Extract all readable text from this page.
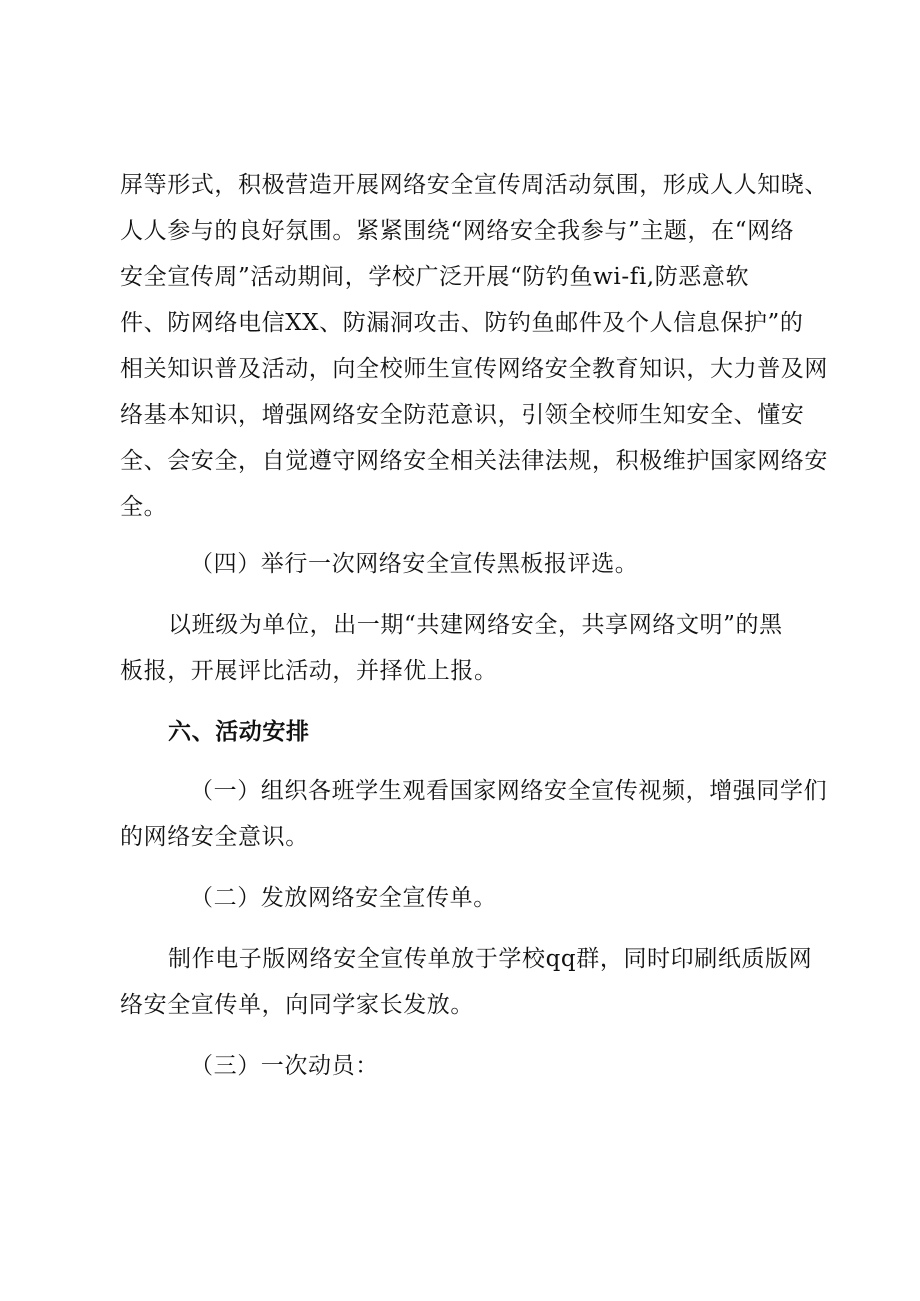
屏等形式，积极营造开展网络安全宣传周活动氛围，形成人人知晓、
人人参与的良好氛围。紧紧围绕“网络安全我参与”主题，在“网络
安全宣传周”活动期间，学校广泛开展“防钓鱼wi-fi,防恶意软
件、防网络电信XX、防漏洞攻击、防钓鱼邮件及个人信息保护”的
相关知识普及活动，向全校师生宣传网络安全教育知识，大力普及网
络基本知识，增强网络安全防范意识，引领全校师生知安全、懂安
全、会安全，自觉遵守网络安全相关法律法规，积极维护国家网络安
全。
（四）举行一次网络安全宣传黑板报评选。
以班级为单位，出一期“共建网络安全，共享网络文明”的黑
板报，开展评比活动，并择优上报。
六、活动安排
（一）组织各班学生观看国家网络安全宣传视频，增强同学们
的网络安全意识。
（二）发放网络安全宣传单。
制作电子版网络安全宣传单放于学校qq群，同时印刷纸质版网
络安全宣传单，向同学家长发放。
（三）一次动员：
